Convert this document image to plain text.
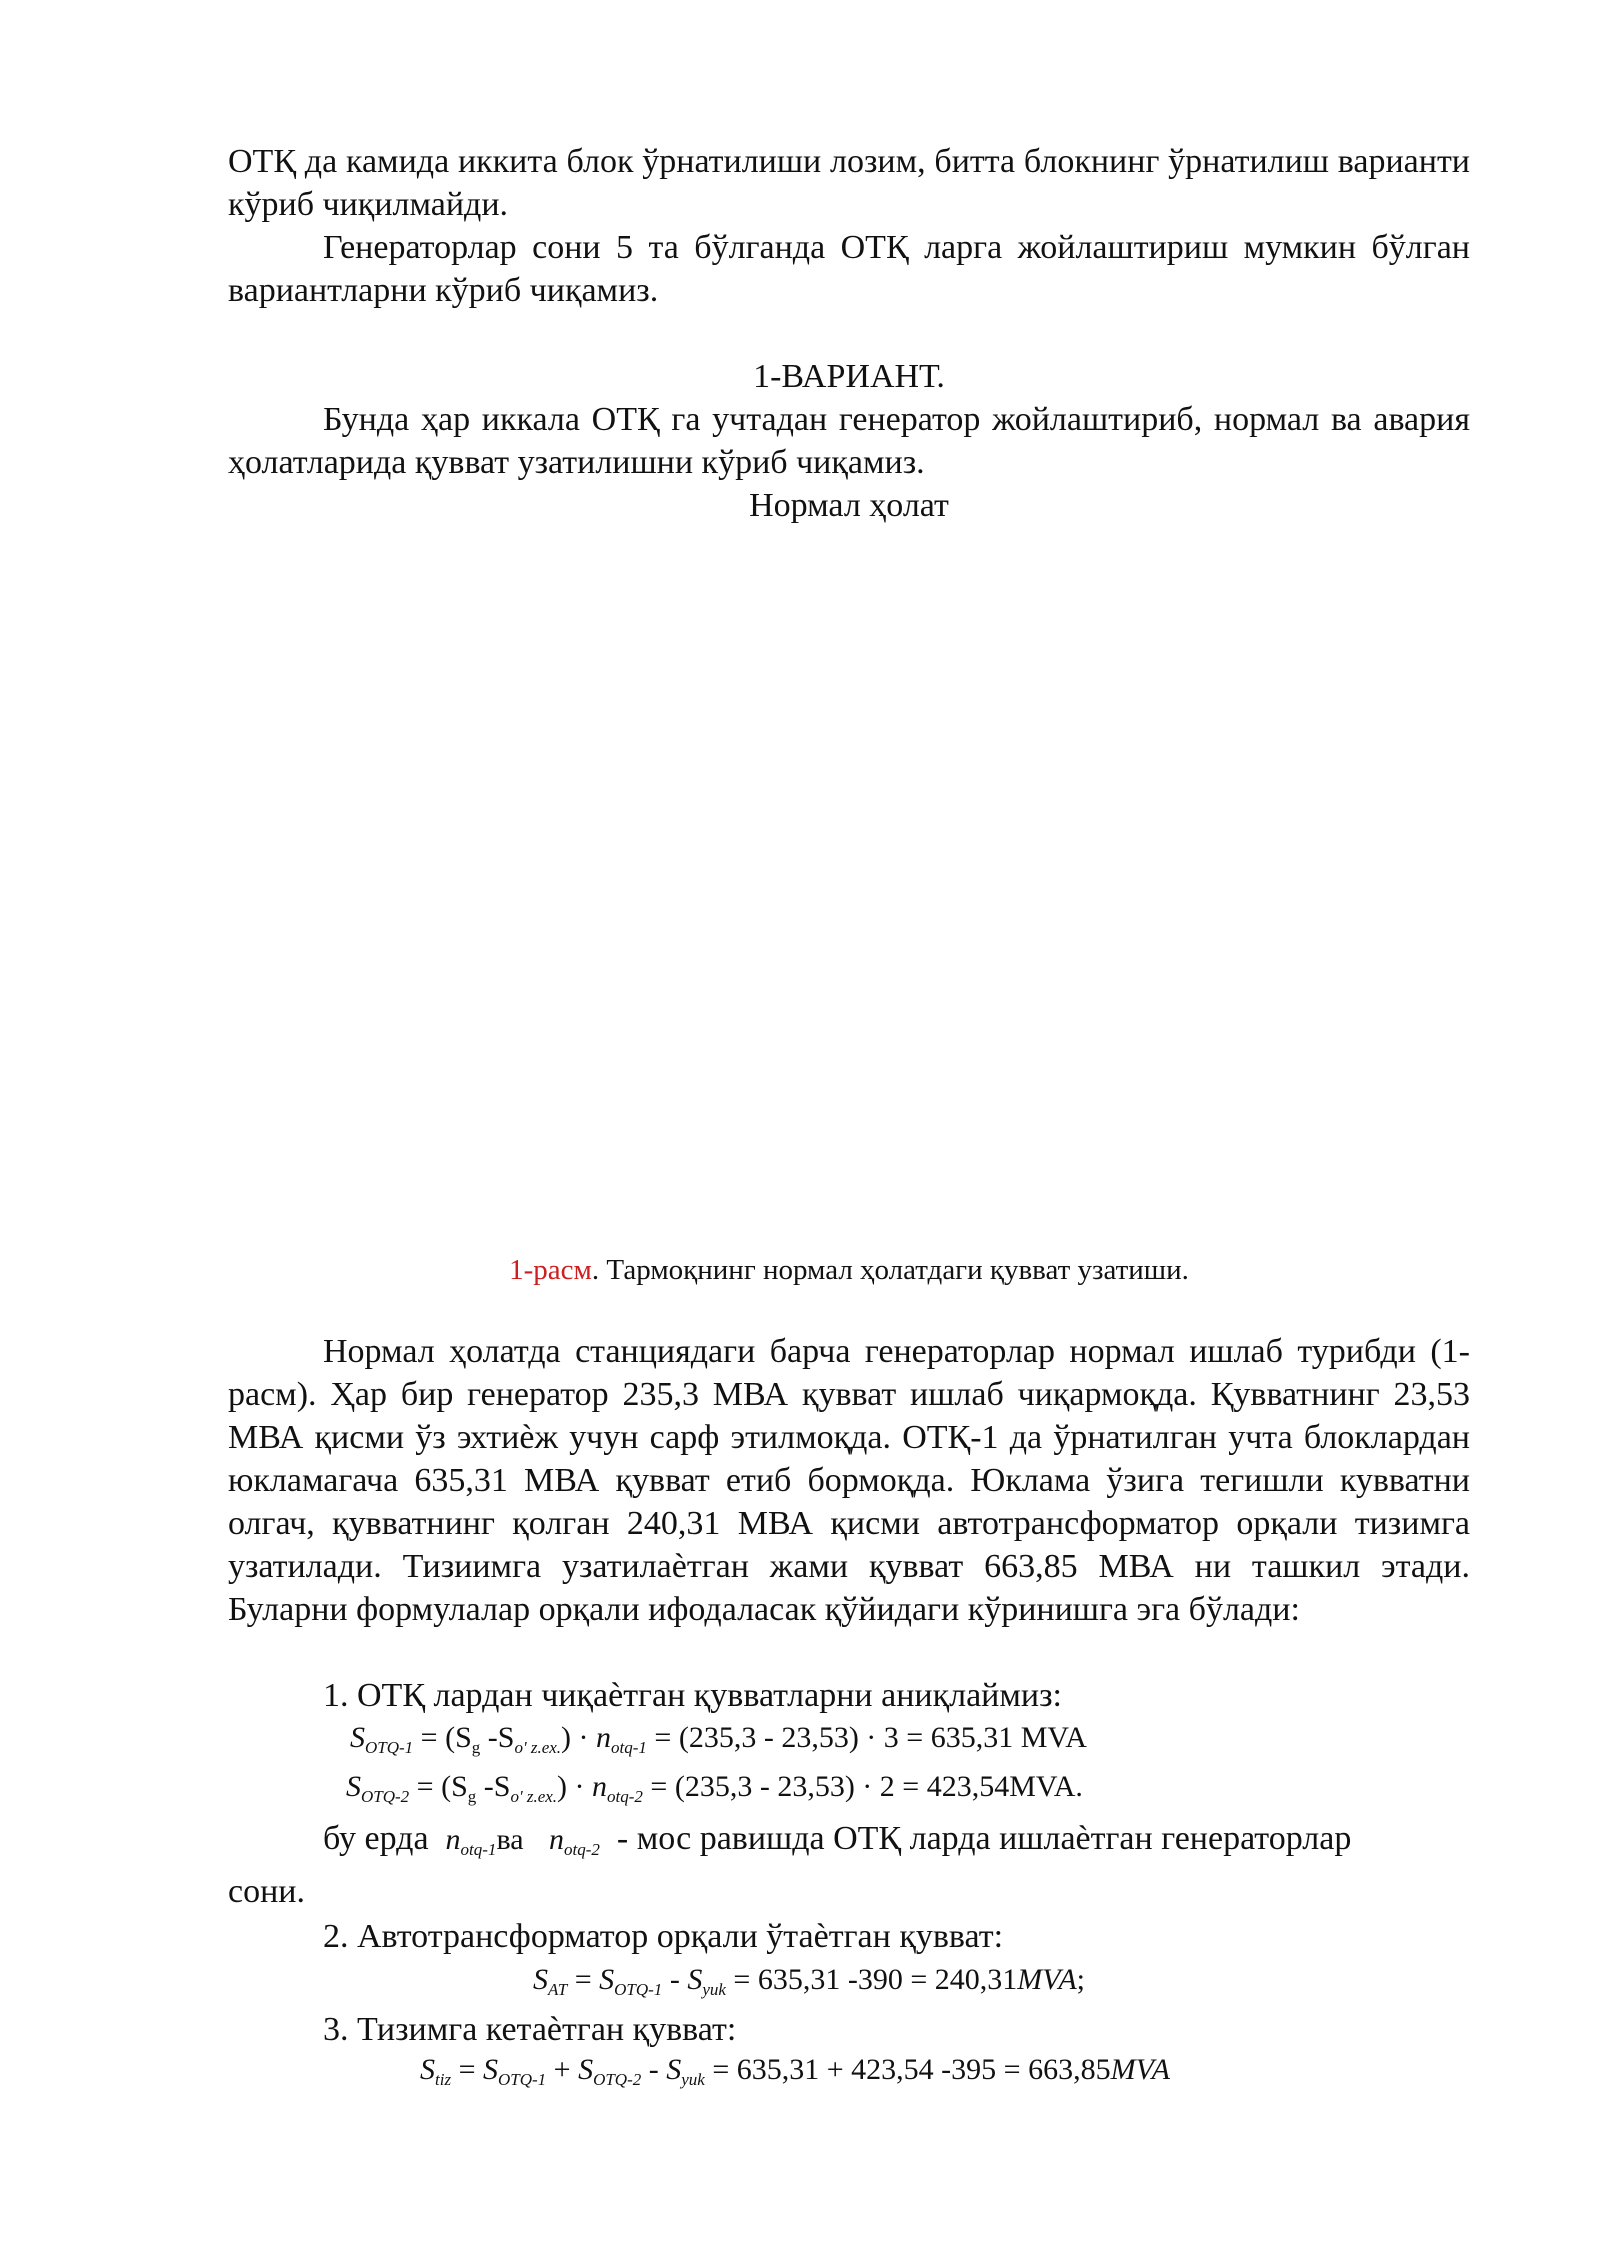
ОТҚ да камида иккита блок ўрнатилиши лозим, битта блокнинг ўрнатилиш варианти кўриб чиқилмайди.
Генераторлар сони 5 та бўлганда ОТҚ ларга жойлаштириш мумкин бўлган вариантларни кўриб чиқамиз.
1-ВАРИАНТ.
Бунда ҳар иккала ОТҚ га учтадан генератор жойлаштириб, нормал ва авария ҳолатларида қувват узатилишни кўриб чиқамиз.
Нормал ҳолат
1-расм. Тармоқнинг нормал ҳолатдаги қувват узатиши.
Нормал ҳолатда станциядаги барча генераторлар нормал ишлаб турибди (1-расм). Ҳар бир генератор 235,3 МВА қувват ишлаб чиқармоқда. Қувватнинг 23,53 МВА қисми ўз эхтиѐж учун сарф этилмоқда. ОТҚ-1 да ўрнатилган учта блоклардан юкламагача 635,31 МВА қувват етиб бормоқда. Юклама ўзига тегишли кувватни олгач, қувватнинг қолган 240,31 МВА қисми автотрансформатор орқали тизимга узатилади. Тизиимга узатилаѐтган жами қувват 663,85 МВА ни ташкил этади. Буларни формулалар орқали ифодаласак қўйидаги кўринишга эга бўлади:
1. ОТҚ лардан чиқаѐтган қувватларни аниқлаймиз:
$S_{OTQ-1} = (S_g$ $-S_{o' z.ex.}) \cdot n_{otq-1} = (235,3 - 23,53) \cdot 3 = 635,31$ MVA
$S_{OTQ-2} = (S_g$ $-S_{o' z.ex.}) \cdot n_{otq-2} = (235,3 - 23,53) \cdot 2 = 423,54MVA$.
бу ерда $n_{otq-1}ва$ $n_{otq-2}$ - мос равишда ОТҚ ларда ишлаѐтган генераторлар
сони.
2. Автотрансформатор орқали ўтаѐтган қувват:
$S_{AT} = S_{OTQ-1} - S_{yuk} = 635,31$ -390 = 240,31MVA;
3. Тизимга кетаѐтган қувват:
$S_{tiz} = S_{OTQ-1} + S_{OTQ-2} - S_{yuk} = 635,31 + 423,54$ -395 = 663,85MVA
